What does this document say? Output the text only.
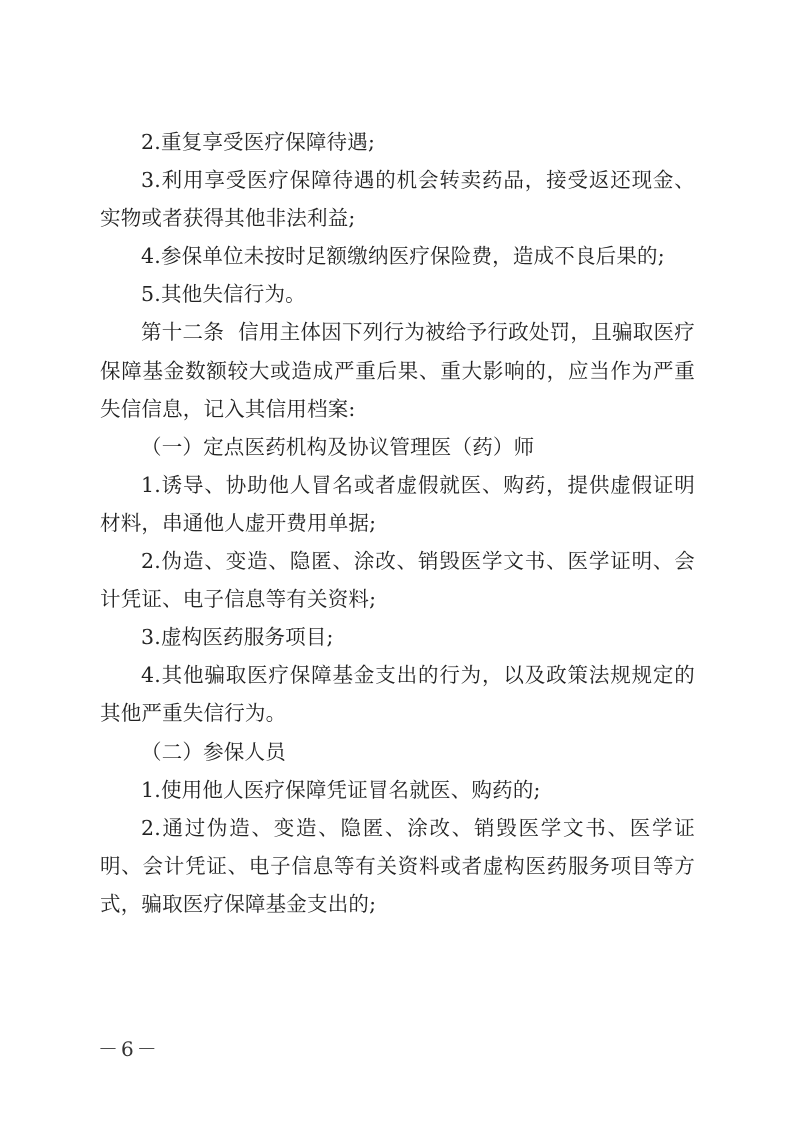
2.重复享受医疗保障待遇;

3.利用享受医疗保障待遇的机会转卖药品，接受返还现金、实物或者获得其他非法利益;

4.参保单位未按时足额缴纳医疗保险费，造成不良后果的;

5.其他失信行为。

第十二条 信用主体因下列行为被给予行政处罚，且骗取医疗保障基金数额较大或造成严重后果、重大影响的，应当作为严重失信信息，记入其信用档案:

（一）定点医药机构及协议管理医（药）师

1.诱导、协助他人冒名或者虚假就医、购药，提供虚假证明材料，串通他人虚开费用单据;

2.伪造、变造、隐匿、涂改、销毁医学文书、医学证明、会计凭证、电子信息等有关资料;

3.虚构医药服务项目;

4.其他骗取医疗保障基金支出的行为，以及政策法规规定的其他严重失信行为。

（二）参保人员

1.使用他人医疗保障凭证冒名就医、购药的;

2.通过伪造、变造、隐匿、涂改、销毁医学文书、医学证明、会计凭证、电子信息等有关资料或者虚构医药服务项目等方式，骗取医疗保障基金支出的;

－6－
